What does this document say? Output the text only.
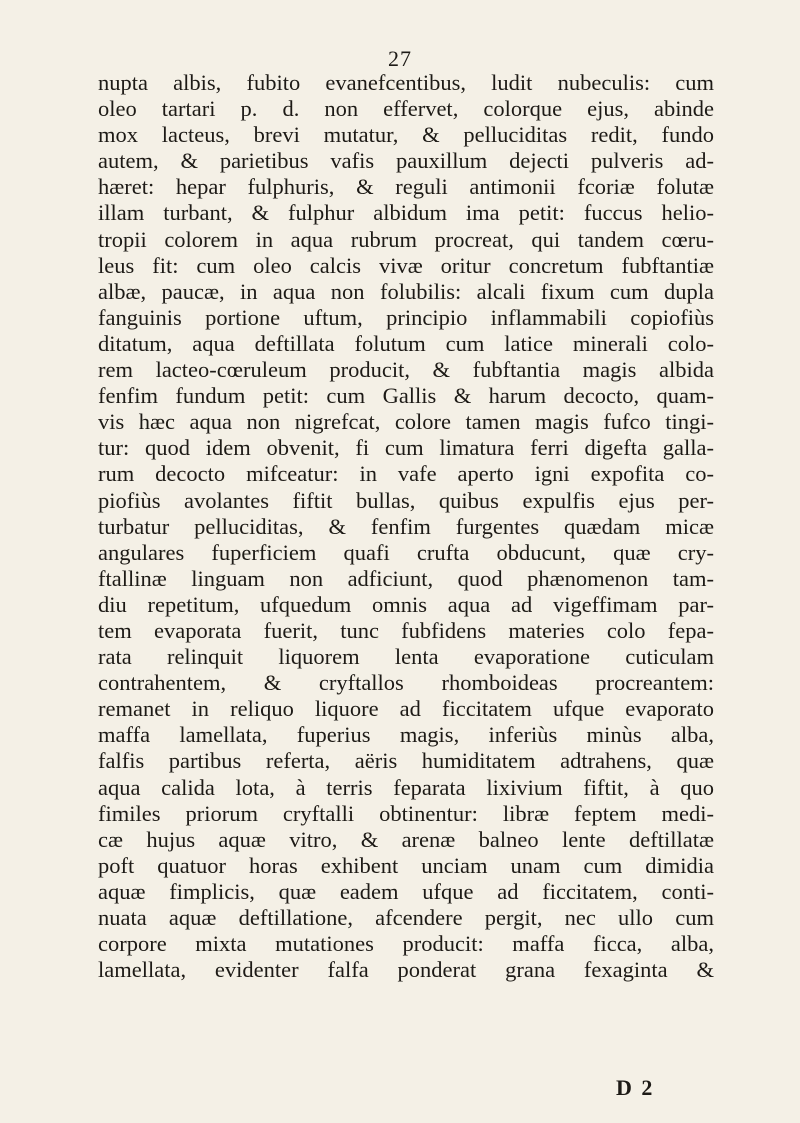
27
nupta albis, fubito evanefcentibus, ludit nubeculis: cum
oleo tartari p. d. non effervet, colorque ejus, abinde
mox lacteus, brevi mutatur, & pelluciditas redit, fundo
autem, & parietibus vafis pauxillum dejecti pulveris ad-
hæret: hepar fulphuris, & reguli antimonii fcoriæ folutæ
illam turbant, & fulphur albidum ima petit: fuccus helio-
tropii colorem in aqua rubrum procreat, qui tandem cœru-
leus fit: cum oleo calcis vivæ oritur concretum fubftantiæ
albæ, paucæ, in aqua non folubilis: alcali fixum cum dupla
fanguinis portione uftum, principio inflammabili copiofiùs
ditatum, aqua deftillata folutum cum latice minerali colo-
rem lacteo-cœruleum producit, & fubftantia magis albida
fenfim fundum petit: cum Gallis & harum decocto, quam-
vis hæc aqua non nigrefcat, colore tamen magis fufco tingi-
tur: quod idem obvenit, fi cum limatura ferri digefta galla-
rum decocto mifceatur: in vafe aperto igni expofita co-
piofiùs avolantes fiftit bullas, quibus expulfis ejus per-
turbatur pelluciditas, & fenfim furgentes quædam micæ
angulares fuperficiem quafi crufta obducunt, quæ cry-
ftallinæ linguam non adficiunt, quod phænomenon tam-
diu repetitum, ufquedum omnis aqua ad vigeffimam par-
tem evaporata fuerit, tunc fubfidens materies colo fepa-
rata relinquit liquorem lenta evaporatione cuticulam
contrahentem, & cryftallos rhomboideas procreantem:
remanet in reliquo liquore ad ficcitatem ufque evaporato
maffa lamellata, fuperius magis, inferiùs minùs alba,
falfis partibus referta, aëris humiditatem adtrahens, quæ
aqua calida lota, à terris feparata lixivium fiftit, à quo
fimiles priorum cryftalli obtinentur: libræ feptem medi-
cæ hujus aquæ vitro, & arenæ balneo lente deftillatæ
poft quatuor horas exhibent unciam unam cum dimidia
aquæ fimplicis, quæ eadem ufque ad ficcitatem, conti-
nuata aquæ deftillatione, afcendere pergit, nec ullo cum
corpore mixta mutationes producit: maffa ficca, alba,
lamellata, evidenter falfa ponderat grana fexaginta &
D 2
